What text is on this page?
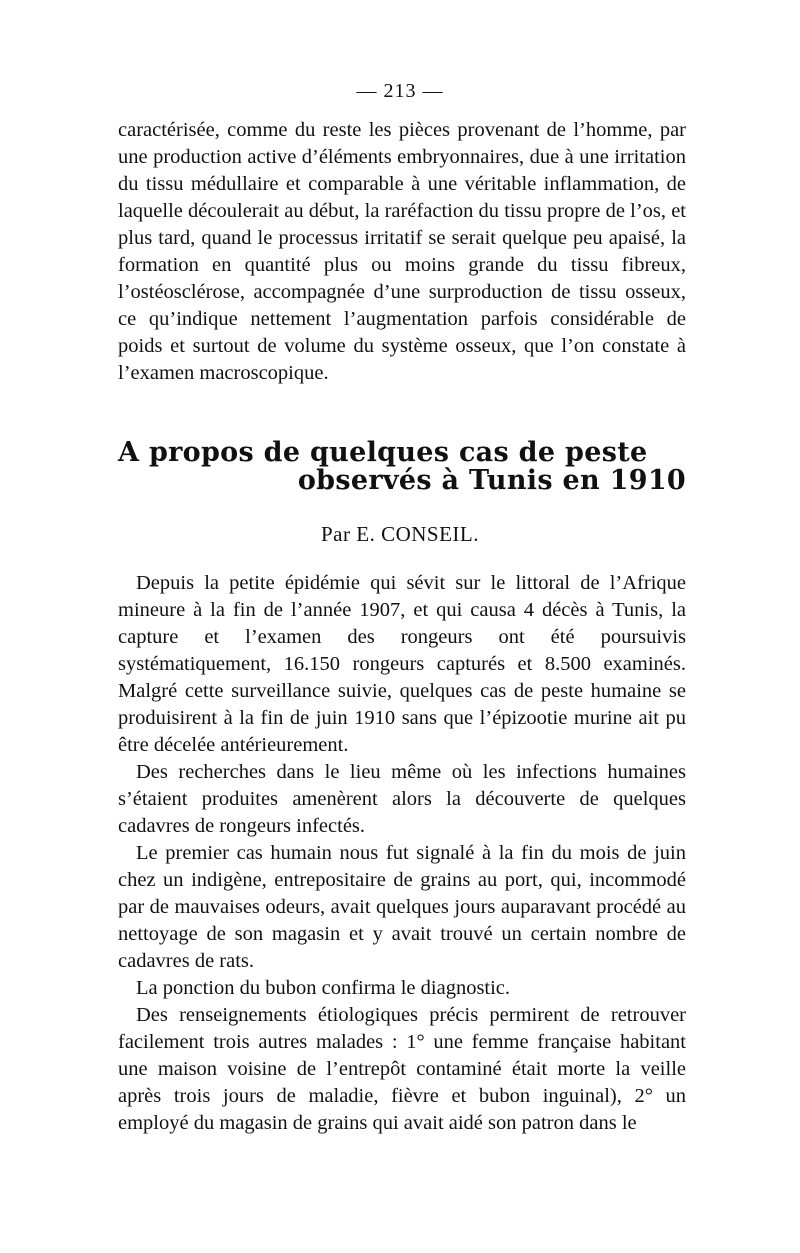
— 213 —

caractérisée, comme du reste les pièces provenant de l’homme, par une production active d’éléments embryonnaires, due à une irritation du tissu médullaire et comparable à une véritable inflammation, de laquelle découlerait au début, la raréfaction du tissu propre de l’os, et plus tard, quand le processus irritatif se serait quelque peu apaisé, la formation en quantité plus ou moins grande du tissu fibreux, l’ostéosclérose, accompagnée d’une surproduction de tissu osseux, ce qu’indique nettement l’augmentation parfois considérable de poids et surtout de volume du système osseux, que l’on constate à l’examen macroscopique.

A propos de quelques cas de peste
observés à Tunis en 1910
Par E. CONSEIL.

Depuis la petite épidémie qui sévit sur le littoral de l’Afrique mineure à la fin de l’année 1907, et qui causa 4 décès à Tunis, la capture et l’examen des rongeurs ont été poursuivis systématiquement, 16.150 rongeurs capturés et 8.500 examinés. Malgré cette surveillance suivie, quelques cas de peste humaine se produisirent à la fin de juin 1910 sans que l’épizootie murine ait pu être décelée antérieurement.

Des recherches dans le lieu même où les infections humaines s’étaient produites amenèrent alors la découverte de quelques cadavres de rongeurs infectés.

Le premier cas humain nous fut signalé à la fin du mois de juin chez un indigène, entrepositaire de grains au port, qui, incommodé par de mauvaises odeurs, avait quelques jours auparavant procédé au nettoyage de son magasin et y avait trouvé un certain nombre de cadavres de rats.

La ponction du bubon confirma le diagnostic.

Des renseignements étiologiques précis permirent de retrouver facilement trois autres malades : 1° une femme française habitant une maison voisine de l’entrepôt contaminé était morte la veille après trois jours de maladie, fièvre et bubon inguinal), 2° un employé du magasin de grains qui avait aidé son patron dans le
